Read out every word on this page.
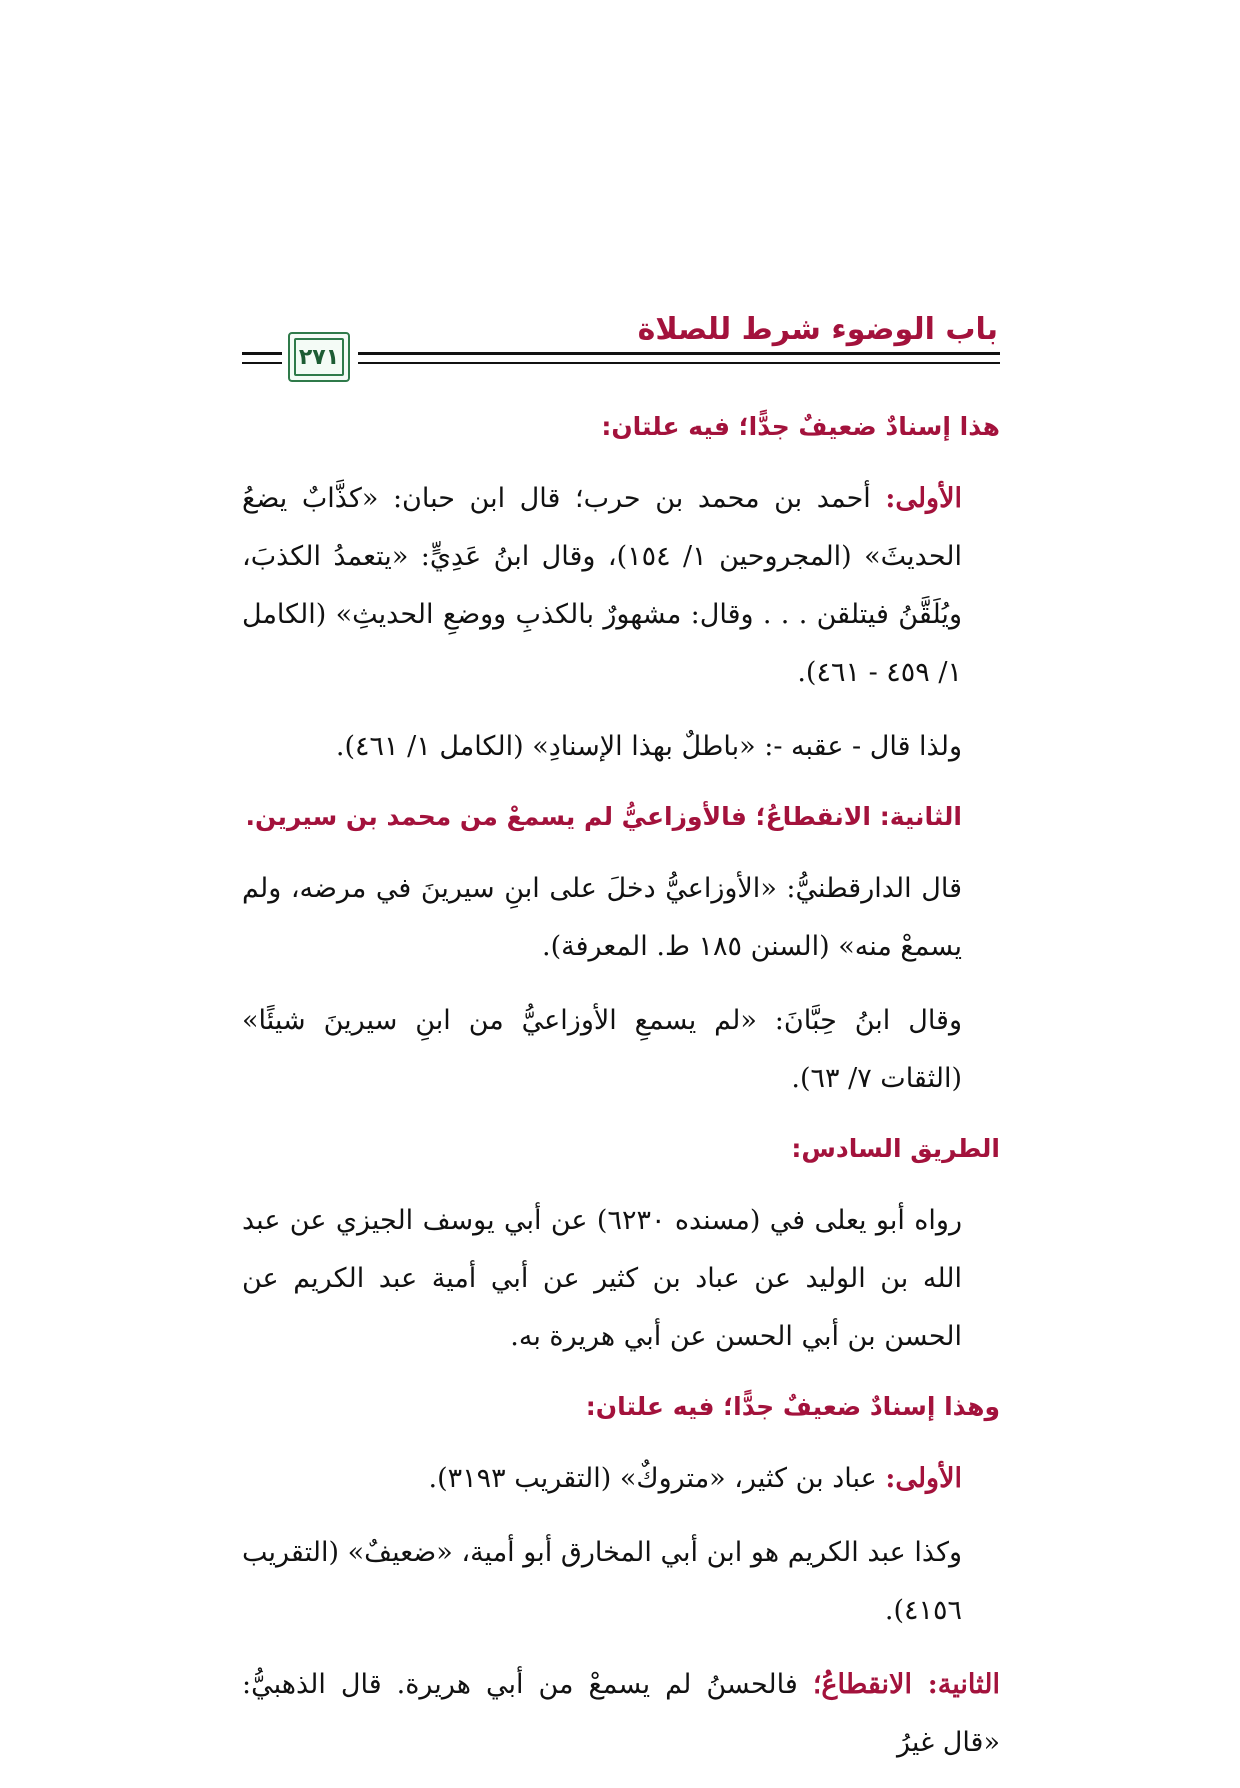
باب الوضوء شرط للصلاة
٢٧١
هذا إسنادٌ ضعيفٌ جدًّا؛ فيه علتان:
الأولى: أحمد بن محمد بن حرب؛ قال ابن حبان: «كذَّابٌ يضعُ الحديثَ» (المجروحين ١/ ١٥٤)، وقال ابنُ عَدِيٍّ: «يتعمدُ الكذبَ، ويُلَقَّنُ فيتلقن . . . وقال: مشهورٌ بالكذبِ ووضعِ الحديثِ» (الكامل ١/ ٤٥٩ - ٤٦١).
ولذا قال - عقبه -: «باطلٌ بهذا الإسنادِ» (الكامل ١/ ٤٦١).
الثانية: الانقطاعُ؛ فالأوزاعيُّ لم يسمعْ من محمد بن سيرين.
قال الدارقطنيُّ: «الأوزاعيُّ دخلَ على ابنِ سيرينَ في مرضه، ولم يسمعْ منه» (السنن ١٨٥ ط. المعرفة).
وقال ابنُ حِبَّانَ: «لم يسمعِ الأوزاعيُّ من ابنِ سيرينَ شيئًا» (الثقات ٧/ ٦٣).
الطريق السادس:
رواه أبو يعلى في (مسنده ٦٢٣٠) عن أبي يوسف الجيزي عن عبد الله بن الوليد عن عباد بن كثير عن أبي أمية عبد الكريم عن الحسن بن أبي الحسن عن أبي هريرة به.
وهذا إسنادٌ ضعيفٌ جدًّا؛ فيه علتان:
الأولى: عباد بن كثير، «متروكٌ» (التقريب ٣١٩٣).
وكذا عبد الكريم هو ابن أبي المخارق أبو أمية، «ضعيفٌ» (التقريب ٤١٥٦).
الثانية: الانقطاعُ؛ فالحسنُ لم يسمعْ من أبي هريرة. قال الذهبيُّ: «قال غيرُ
